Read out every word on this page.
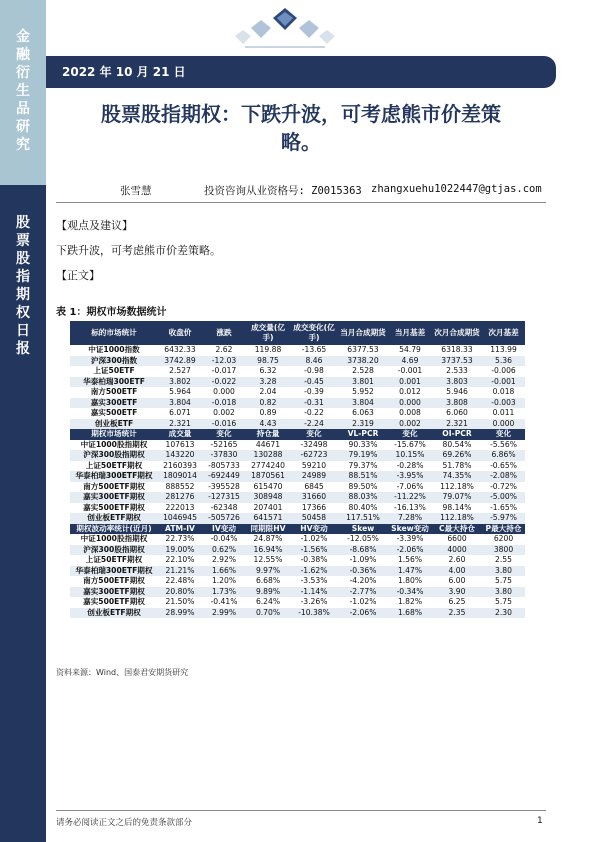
金
融
衍
生
品
研
究
股
票
股
指
期
权
日
报
2022 年 10 月 21 日
股票股指期权：下跌升波，可考虑熊市价差策
略。
张雪慧	投资咨询从业资格号: Z0015363 zhangxuehu1022447@gtjas.com
【观点及建议】
下跌升波，可考虑熊市价差策略。
【正文】
表 1：期权市场数据统计
标的市场统计	收盘价	涨跌	成交量(亿手)	成交变化(亿手)	当月合成期货	当月基差	次月合成期货	次月基差
中证1000指数	6432.33	2.62	119.88	-13.65	6377.53	54.79	6318.33	113.99
沪深300指数	3742.89	-12.03	98.75	8.46	3738.20	4.69	3737.53	5.36
上证50ETF	2.527	-0.017	6.32	-0.98	2.528	-0.001	2.533	-0.006
华泰柏瑞300ETF	3.802	-0.022	3.28	-0.45	3.801	0.001	3.803	-0.001
南方500ETF	5.964	0.000	2.04	-0.39	5.952	0.012	5.946	0.018
嘉实300ETF	3.804	-0.018	0.82	-0.31	3.804	0.000	3.808	-0.003
嘉实500ETF	6.071	0.002	0.89	-0.22	6.063	0.008	6.060	0.011
创业板ETF	2.321	-0.016	4.43	-2.24	2.319	0.002	2.321	0.000
期权市场统计	成交量	变化	持仓量	变化	VL-PCR	变化	OI-PCR	变化
中证1000股指期权	107613	-52165	44671	-32498	90.33%	-15.67%	80.54%	-5.56%
沪深300股指期权	143220	-37830	130288	-62723	79.19%	10.15%	69.26%	6.86%
上证50ETF期权	2160393	-805733	2774240	59210	79.37%	-0.28%	51.78%	-0.65%
华泰柏瑞300ETF期权	1809014	-692449	1870561	24989	88.51%	-3.95%	74.35%	-2.08%
南方500ETF期权	888552	-395528	615470	6845	89.50%	-7.06%	112.18%	-0.72%
嘉实300ETF期权	281276	-127315	308948	31660	88.03%	-11.22%	79.07%	-5.00%
嘉实500ETF期权	222013	-62348	207401	17366	80.40%	-16.13%	98.14%	-1.65%
创业板ETF期权	1046945	-505726	641571	50458	117.51%	7.28%	112.18%	-5.97%
期权波动率统计(近月)	ATM-IV	IV变动	同期限HV	HV变动	Skew	Skew变动	C最大持仓	P最大持仓
中证1000股指期权	22.73%	-0.04%	24.87%	-1.02%	-12.05%	-3.39%	6600	6200
沪深300股指期权	19.00%	0.62%	16.94%	-1.56%	-8.68%	-2.06%	4000	3800
上证50ETF期权	22.10%	2.92%	12.55%	-0.38%	-1.09%	1.56%	2.60	2.55
华泰柏瑞300ETF期权	21.21%	1.66%	9.97%	-1.62%	-0.36%	1.47%	4.00	3.80
南方500ETF期权	22.48%	1.20%	6.68%	-3.53%	-4.20%	1.80%	6.00	5.75
嘉实300ETF期权	20.80%	1.73%	9.89%	-1.14%	-2.77%	-0.34%	3.90	3.80
嘉实500ETF期权	21.50%	-0.41%	6.24%	-3.26%	-1.02%	1.82%	6.25	5.75
创业板ETF期权	28.99%	2.99%	0.70%	-10.38%	-2.06%	1.68%	2.35	2.30
资料来源：Wind、国泰君安期货研究
请务必阅读正文之后的免责条款部分	1
